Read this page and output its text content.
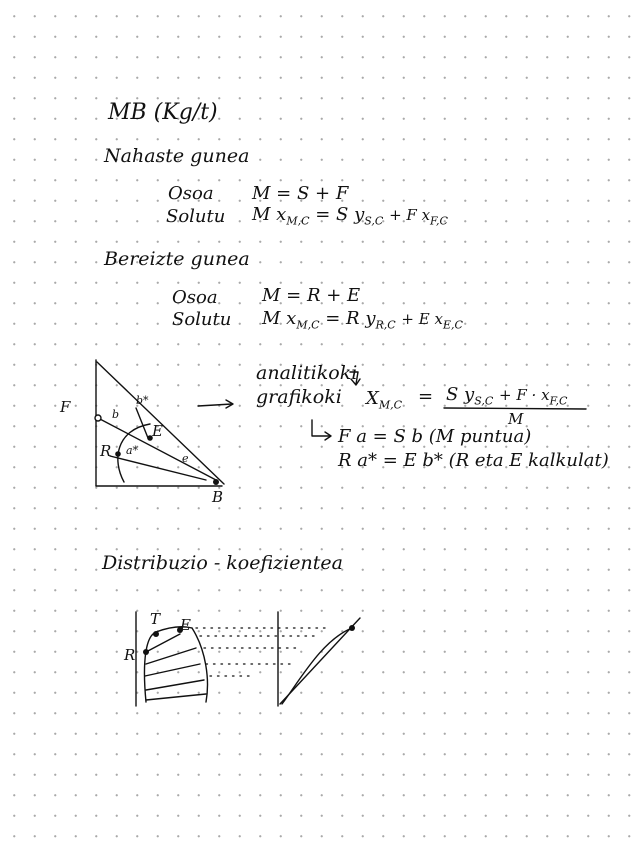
MB (Kg/t)
Nahaste gunea
Osoa M = S + F
Solutu M $x_{M,C} = S$ $y_{S,C} + F$ $x_{F,C}$
Bereizte gunea
Osoa M = R + E
Solutu M $x_{M,C} = R$ $y_{R,C} + E$ $x_{E,C}$
F	b
b*
E
R a*
e
B
analitikoki
grafikoki $X_{M,C} = S$ $y_{S,C} + F \cdot x_{F,C}$
M
F a = S b (M puntua)
R a* = E b* (R eta E kalkulat)
Distribuzio - koefizientea
T E
R
